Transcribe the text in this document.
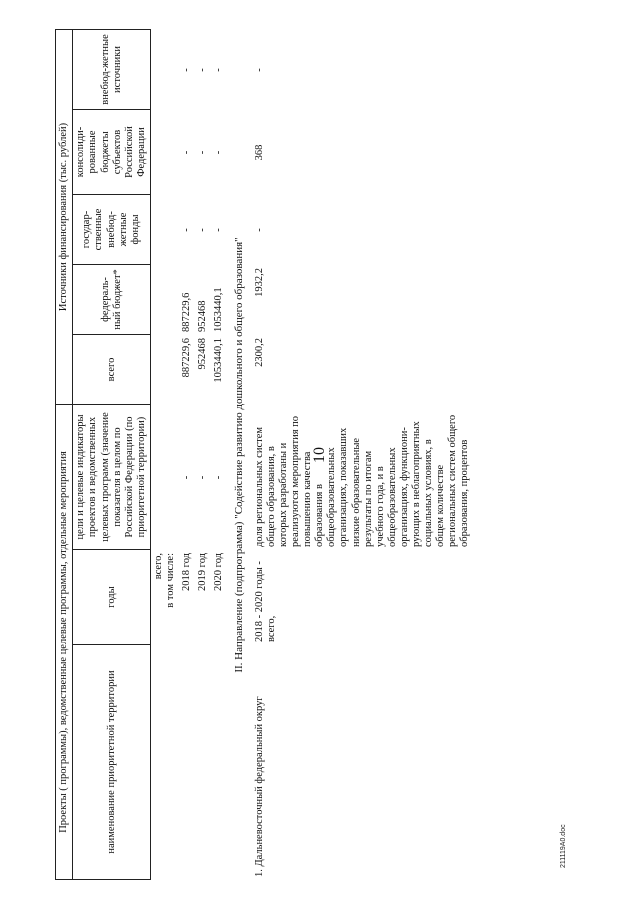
10
211119A0.doc
Проекты ( программы), ведомственные целевые программы, отдельные мероприятия			Источники финансирования (тыс. рублей)				
наименование приоритетной территории	годы	цели и целевые индикаторы проектов и ведомственных целевых программ (значение показателя в целом по Российской Федерации (по приоритетной территории)	всего	федераль-ный бюджет*	государ-ственные внебюд-жетные фонды	консолиди-рованные бюджеты субъектов Российской Федерации	внебюд-жетные источники

	всего, в том числе:						

	2018 год	-	887229,6	887229,6	-	-	-
	2019 год	-	952468	952468	-	-	-
	2020 год	-	1053440,1	1053440,1	-	-	-
II. Направление (подпрограмма) "Содействие развитию дошкольного и общего образования"							
1. Дальневосточный федеральный округ	2018 - 2020 годы - всего,	доля региональных систем общего образования, в которых разработаны и реализуются мероприятия по повышению качества образования в общеобразовательных организациях, показавших низкие образовательные результаты по итогам учебного года, и в общеобразовательных организациях, функциони-рующих в неблагоприятных социальных условиях, в общем количестве региональных систем общего образования, процентов	2300,2	1932,2	-	368	-
